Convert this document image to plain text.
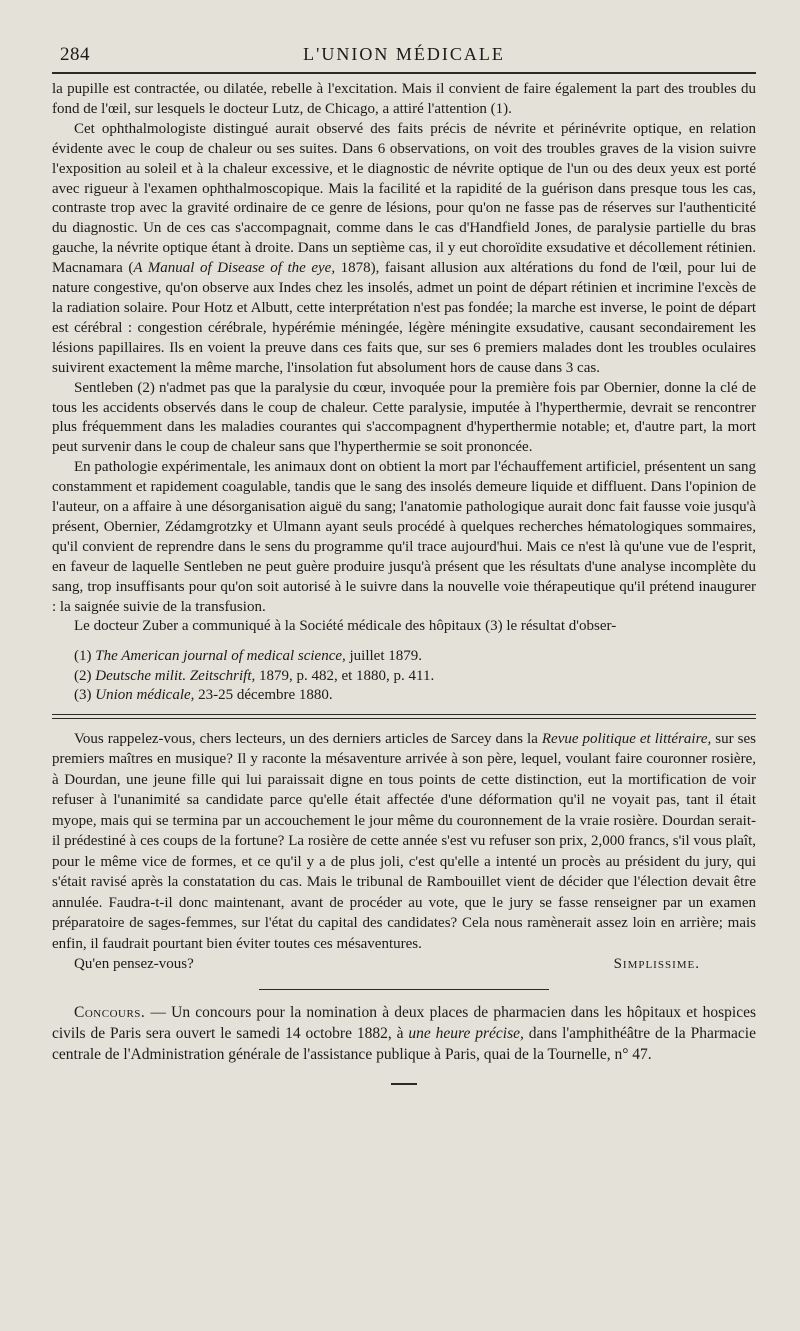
284	L'UNION MÉDICALE

la pupille est contractée, ou dilatée, rebelle à l'excitation. Mais il convient de faire également la part des troubles du fond de l'œil, sur lesquels le docteur Lutz, de Chicago, a attiré l'attention (1).

Cet ophthalmologiste distingué aurait observé des faits précis de névrite et périnévrite optique, en relation évidente avec le coup de chaleur ou ses suites. Dans 6 observations, on voit des troubles graves de la vision suivre l'exposition au soleil et à la chaleur excessive, et le diagnostic de névrite optique de l'un ou des deux yeux est porté avec rigueur à l'examen ophthalmoscopique. Mais la facilité et la rapidité de la guérison dans presque tous les cas, contraste trop avec la gravité ordinaire de ce genre de lésions, pour qu'on ne fasse pas de réserves sur l'authenticité du diagnostic. Un de ces cas s'accompagnait, comme dans le cas d'Handfield Jones, de paralysie partielle du bras gauche, la névrite optique étant à droite. Dans un septième cas, il y eut choroïdite exsudative et décollement rétinien. Macnamara (A Manual of Disease of the eye, 1878), faisant allusion aux altérations du fond de l'œil, pour lui de nature congestive, qu'on observe aux Indes chez les insolés, admet un point de départ rétinien et incrimine l'excès de la radiation solaire. Pour Hotz et Albutt, cette interprétation n'est pas fondée; la marche est inverse, le point de départ est cérébral : congestion cérébrale, hypérémie méningée, légère méningite exsudative, causant secondairement les lésions papillaires. Ils en voient la preuve dans ces faits que, sur ses 6 premiers malades dont les troubles oculaires suivirent exactement la même marche, l'insolation fut absolument hors de cause dans 3 cas.

Sentleben (2) n'admet pas que la paralysie du cœur, invoquée pour la première fois par Obernier, donne la clé de tous les accidents observés dans le coup de chaleur. Cette paralysie, imputée à l'hyperthermie, devrait se rencontrer plus fréquemment dans les maladies courantes qui s'accompagnent d'hyperthermie notable; et, d'autre part, la mort peut survenir dans le coup de chaleur sans que l'hyperthermie se soit prononcée.

En pathologie expérimentale, les animaux dont on obtient la mort par l'échauffement artificiel, présentent un sang constamment et rapidement coagulable, tandis que le sang des insolés demeure liquide et diffluent. Dans l'opinion de l'auteur, on a affaire à une désorganisation aiguë du sang; l'anatomie pathologique aurait donc fait fausse voie jusqu'à présent, Obernier, Zédamgrotzky et Ulmann ayant seuls procédé à quelques recherches hématologiques sommaires, qu'il convient de reprendre dans le sens du programme qu'il trace aujourd'hui. Mais ce n'est là qu'une vue de l'esprit, en faveur de laquelle Sentleben ne peut guère produire jusqu'à présent que les résultats d'une analyse incomplète du sang, trop insuffisants pour qu'on soit autorisé à le suivre dans la nouvelle voie thérapeutique qu'il prétend inaugurer : la saignée suivie de la transfusion.

Le docteur Zuber a communiqué à la Société médicale des hôpitaux (3) le résultat d'obser-

(1) The American journal of medical science, juillet 1879.

(2) Deutsche milit. Zeitschrift, 1879, p. 482, et 1880, p. 411.

(3) Union médicale, 23-25 décembre 1880.

Vous rappelez-vous, chers lecteurs, un des derniers articles de Sarcey dans la Revue politique et littéraire, sur ses premiers maîtres en musique? Il y raconte la mésaventure arrivée à son père, lequel, voulant faire couronner rosière, à Dourdan, une jeune fille qui lui paraissait digne en tous points de cette distinction, eut la mortification de voir refuser à l'unanimité sa candidate parce qu'elle était affectée d'une déformation qu'il ne voyait pas, tant il était myope, mais qui se termina par un accouchement le jour même du couronnement de la vraie rosière. Dourdan serait-il prédestiné à ces coups de la fortune? La rosière de cette année s'est vu refuser son prix, 2,000 francs, s'il vous plaît, pour le même vice de formes, et ce qu'il y a de plus joli, c'est qu'elle a intenté un procès au président du jury, qui s'était ravisé après la constatation du cas. Mais le tribunal de Rambouillet vient de décider que l'élection devait être annulée. Faudra-t-il donc maintenant, avant de procéder au vote, que le jury se fasse renseigner par un examen préparatoire de sages-femmes, sur l'état du capital des candidates? Cela nous ramènerait assez loin en arrière; mais enfin, il faudrait pourtant bien éviter toutes ces mésaventures.

Qu'en pensez-vous?	Simplissime.

Concours. — Un concours pour la nomination à deux places de pharmacien dans les hôpitaux et hospices civils de Paris sera ouvert le samedi 14 octobre 1882, à une heure précise, dans l'amphithéâtre de la Pharmacie centrale de l'Administration générale de l'assistance publique à Paris, quai de la Tournelle, n° 47.
